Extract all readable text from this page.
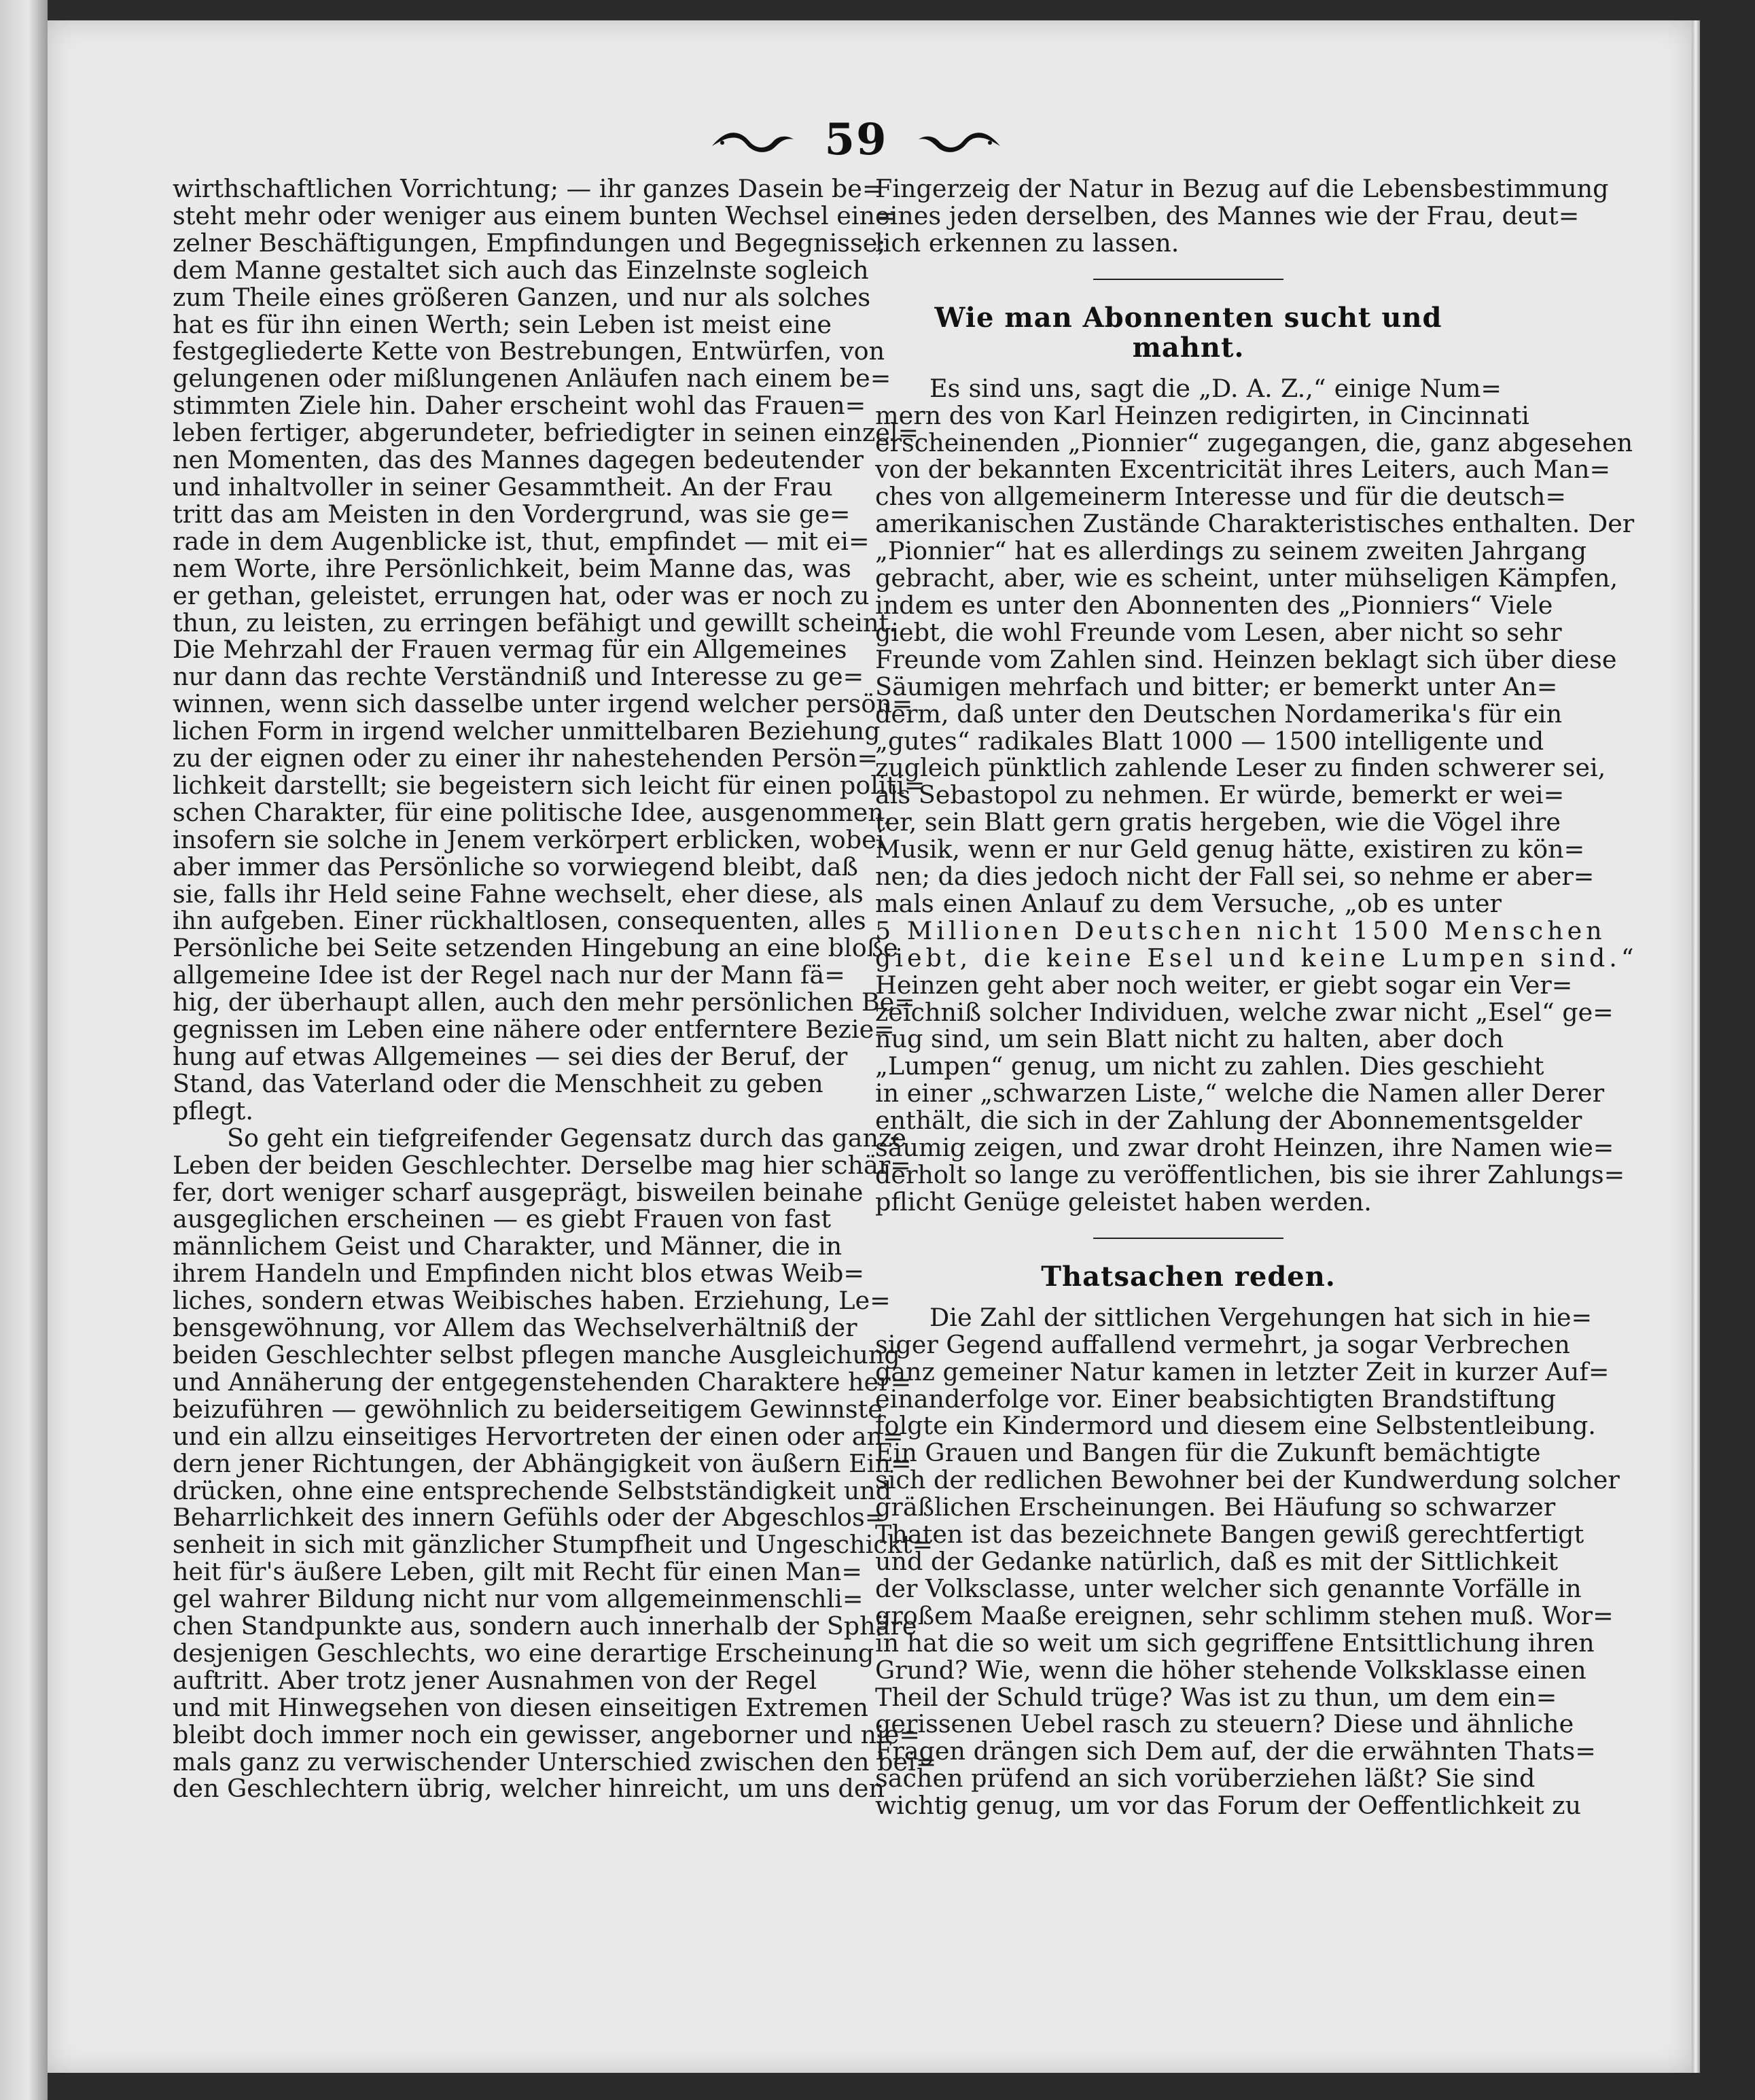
59
wirthschaftlichen Vorrichtung; — ihr ganzes Dasein be=
steht mehr oder weniger aus einem bunten Wechsel ein=
zelner Beschäftigungen, Empfindungen und Begegnisse;
dem Manne gestaltet sich auch das Einzelnste sogleich
zum Theile eines größeren Ganzen, und nur als solches
hat es für ihn einen Werth; sein Leben ist meist eine
festgegliederte Kette von Bestrebungen, Entwürfen, von
gelungenen oder mißlungenen Anläufen nach einem be=
stimmten Ziele hin. Daher erscheint wohl das Frauen=
leben fertiger, abgerundeter, befriedigter in seinen einzel=
nen Momenten, das des Mannes dagegen bedeutender
und inhaltvoller in seiner Gesammtheit. An der Frau
tritt das am Meisten in den Vordergrund, was sie ge=
rade in dem Augenblicke ist, thut, empfindet — mit ei=
nem Worte, ihre Persönlichkeit, beim Manne das, was
er gethan, geleistet, errungen hat, oder was er noch zu
thun, zu leisten, zu erringen befähigt und gewillt scheint.
Die Mehrzahl der Frauen vermag für ein Allgemeines
nur dann das rechte Verständniß und Interesse zu ge=
winnen, wenn sich dasselbe unter irgend welcher persön=
lichen Form in irgend welcher unmittelbaren Beziehung
zu der eignen oder zu einer ihr nahestehenden Persön=
lichkeit darstellt; sie begeistern sich leicht für einen politi=
schen Charakter, für eine politische Idee, ausgenommen,
insofern sie solche in Jenem verkörpert erblicken, wobei
aber immer das Persönliche so vorwiegend bleibt, daß
sie, falls ihr Held seine Fahne wechselt, eher diese, als
ihn aufgeben. Einer rückhaltlosen, consequenten, alles
Persönliche bei Seite setzenden Hingebung an eine bloße
allgemeine Idee ist der Regel nach nur der Mann fä=
hig, der überhaupt allen, auch den mehr persönlichen Be=
gegnissen im Leben eine nähere oder entferntere Bezie=
hung auf etwas Allgemeines — sei dies der Beruf, der
Stand, das Vaterland oder die Menschheit zu geben
pflegt.
So geht ein tiefgreifender Gegensatz durch das ganze
Leben der beiden Geschlechter. Derselbe mag hier schär=
fer, dort weniger scharf ausgeprägt, bisweilen beinahe
ausgeglichen erscheinen — es giebt Frauen von fast
männlichem Geist und Charakter, und Männer, die in
ihrem Handeln und Empfinden nicht blos etwas Weib=
liches, sondern etwas Weibisches haben. Erziehung, Le=
bensgewöhnung, vor Allem das Wechselverhältniß der
beiden Geschlechter selbst pflegen manche Ausgleichung
und Annäherung der entgegenstehenden Charaktere her=
beizuführen — gewöhnlich zu beiderseitigem Gewinnste
und ein allzu einseitiges Hervortreten der einen oder an=
dern jener Richtungen, der Abhängigkeit von äußern Ein=
drücken, ohne eine entsprechende Selbstständigkeit und
Beharrlichkeit des innern Gefühls oder der Abgeschlos=
senheit in sich mit gänzlicher Stumpfheit und Ungeschickt=
heit für's äußere Leben, gilt mit Recht für einen Man=
gel wahrer Bildung nicht nur vom allgemeinmenschli=
chen Standpunkte aus, sondern auch innerhalb der Sphäre
desjenigen Geschlechts, wo eine derartige Erscheinung
auftritt. Aber trotz jener Ausnahmen von der Regel
und mit Hinwegsehen von diesen einseitigen Extremen
bleibt doch immer noch ein gewisser, angeborner und nie=
mals ganz zu verwischender Unterschied zwischen den bei=
den Geschlechtern übrig, welcher hinreicht, um uns den
Fingerzeig der Natur in Bezug auf die Lebensbestimmung
eines jeden derselben, des Mannes wie der Frau, deut=
lich erkennen zu lassen.
Wie man Abonnenten sucht und mahnt.
Es sind uns, sagt die „D. A. Z.,“ einige Num=
mern des von Karl Heinzen redigirten, in Cincinnati
erscheinenden „Pionnier“ zugegangen, die, ganz abgesehen
von der bekannten Excentricität ihres Leiters, auch Man=
ches von allgemeinerm Interesse und für die deutsch=
amerikanischen Zustände Charakteristisches enthalten. Der
„Pionnier“ hat es allerdings zu seinem zweiten Jahrgang
gebracht, aber, wie es scheint, unter mühseligen Kämpfen,
indem es unter den Abonnenten des „Pionniers“ Viele
giebt, die wohl Freunde vom Lesen, aber nicht so sehr
Freunde vom Zahlen sind. Heinzen beklagt sich über diese
Säumigen mehrfach und bitter; er bemerkt unter An=
derm, daß unter den Deutschen Nordamerika's für ein
„gutes“ radikales Blatt 1000 — 1500 intelligente und
zugleich pünktlich zahlende Leser zu finden schwerer sei,
als Sebastopol zu nehmen. Er würde, bemerkt er wei=
ter, sein Blatt gern gratis hergeben, wie die Vögel ihre
Musik, wenn er nur Geld genug hätte, existiren zu kön=
nen; da dies jedoch nicht der Fall sei, so nehme er aber=
mals einen Anlauf zu dem Versuche, „ob es unter
5 Millionen Deutschen nicht 1500 Menschen
giebt, die keine Esel und keine Lumpen sind.“
Heinzen geht aber noch weiter, er giebt sogar ein Ver=
zeichniß solcher Individuen, welche zwar nicht „Esel“ ge=
nug sind, um sein Blatt nicht zu halten, aber doch
„Lumpen“ genug, um nicht zu zahlen. Dies geschieht
in einer „schwarzen Liste,“ welche die Namen aller Derer
enthält, die sich in der Zahlung der Abonnementsgelder
säumig zeigen, und zwar droht Heinzen, ihre Namen wie=
derholt so lange zu veröffentlichen, bis sie ihrer Zahlungs=
pflicht Genüge geleistet haben werden.
Thatsachen reden.
Die Zahl der sittlichen Vergehungen hat sich in hie=
siger Gegend auffallend vermehrt, ja sogar Verbrechen
ganz gemeiner Natur kamen in letzter Zeit in kurzer Auf=
einanderfolge vor. Einer beabsichtigten Brandstiftung
folgte ein Kindermord und diesem eine Selbstentleibung.
Ein Grauen und Bangen für die Zukunft bemächtigte
sich der redlichen Bewohner bei der Kundwerdung solcher
gräßlichen Erscheinungen. Bei Häufung so schwarzer
Thaten ist das bezeichnete Bangen gewiß gerechtfertigt
und der Gedanke natürlich, daß es mit der Sittlichkeit
der Volksclasse, unter welcher sich genannte Vorfälle in
großem Maaße ereignen, sehr schlimm stehen muß. Wor=
in hat die so weit um sich gegriffene Entsittlichung ihren
Grund? Wie, wenn die höher stehende Volksklasse einen
Theil der Schuld trüge? Was ist zu thun, um dem ein=
gerissenen Uebel rasch zu steuern? Diese und ähnliche
Fragen drängen sich Dem auf, der die erwähnten Thats=
sachen prüfend an sich vorüberziehen läßt? Sie sind
wichtig genug, um vor das Forum der Oeffentlichkeit zu
